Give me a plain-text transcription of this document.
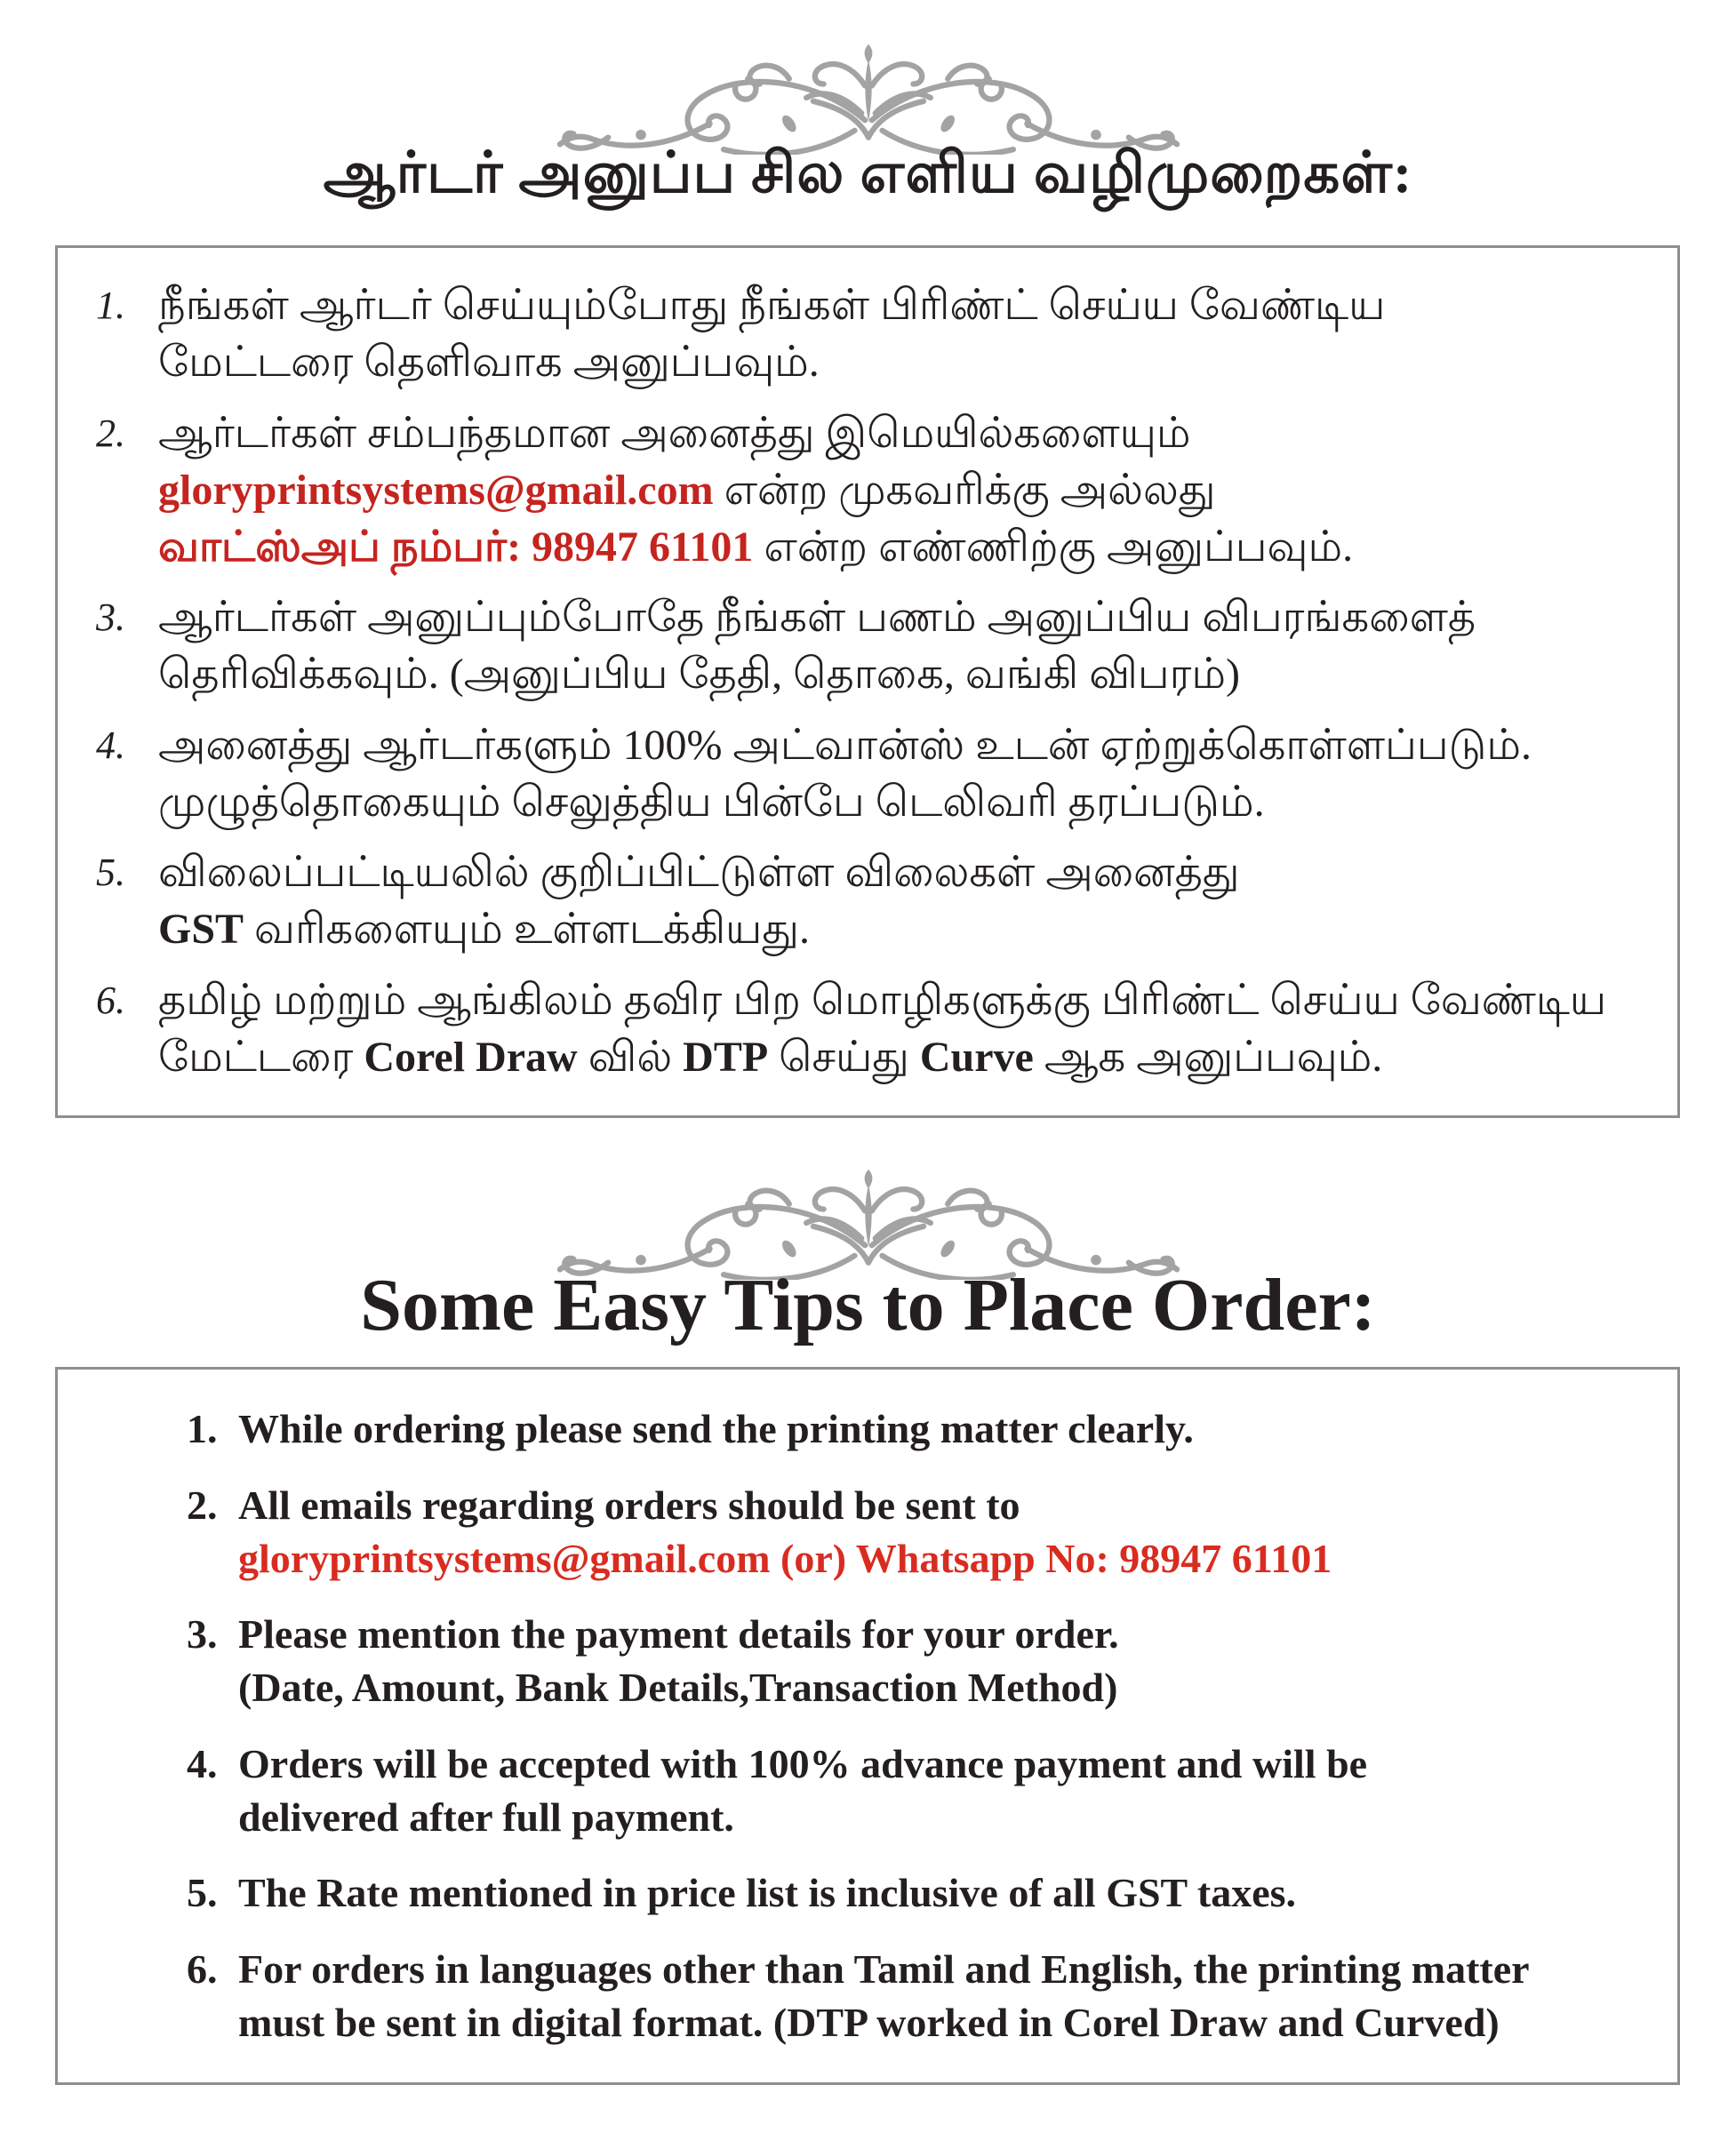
ஆர்டர் அனுப்ப சில எளிய வழிமுறைகள்:
1. நீங்கள் ஆர்டர் செய்யும்போது நீங்கள் பிரிண்ட் செய்ய வேண்டிய
மேட்டரை தெளிவாக அனுப்பவும்.
2. ஆர்டர்கள் சம்பந்தமான அனைத்து இமெயில்களையும்
gloryprintsystems@gmail.com என்ற முகவரிக்கு அல்லது
வாட்ஸ்அப் நம்பர்: 98947 61101 என்ற எண்ணிற்கு அனுப்பவும்.
3. ஆர்டர்கள் அனுப்பும்போதே நீங்கள் பணம் அனுப்பிய விபரங்களைத்
தெரிவிக்கவும். (அனுப்பிய தேதி, தொகை, வங்கி விபரம்)
4. அனைத்து ஆர்டர்களும் 100% அட்வான்ஸ் உடன் ஏற்றுக்கொள்ளப்படும்.
முழுத்தொகையும் செலுத்திய பின்பே டெலிவரி தரப்படும்.
5. விலைப்பட்டியலில் குறிப்பிட்டுள்ள விலைகள் அனைத்து
GST வரிகளையும் உள்ளடக்கியது.
6. தமிழ் மற்றும் ஆங்கிலம் தவிர பிற மொழிகளுக்கு பிரிண்ட் செய்ய வேண்டிய
மேட்டரை Corel Draw வில் DTP செய்து Curve ஆக அனுப்பவும்.
Some Easy Tips to Place Order:
1. While ordering please send the printing matter clearly.
2. All emails regarding orders should be sent to
gloryprintsystems@gmail.com (or) Whatsapp No: 98947 61101
3. Please mention the payment details for your order.
(Date, Amount, Bank Details,Transaction Method)
4. Orders will be accepted with 100% advance payment and will be
delivered after full payment.
5. The Rate mentioned in price list is inclusive of all GST taxes.
6. For orders in languages other than Tamil and English, the printing matter
must be sent in digital format. (DTP worked in Corel Draw and Curved)
